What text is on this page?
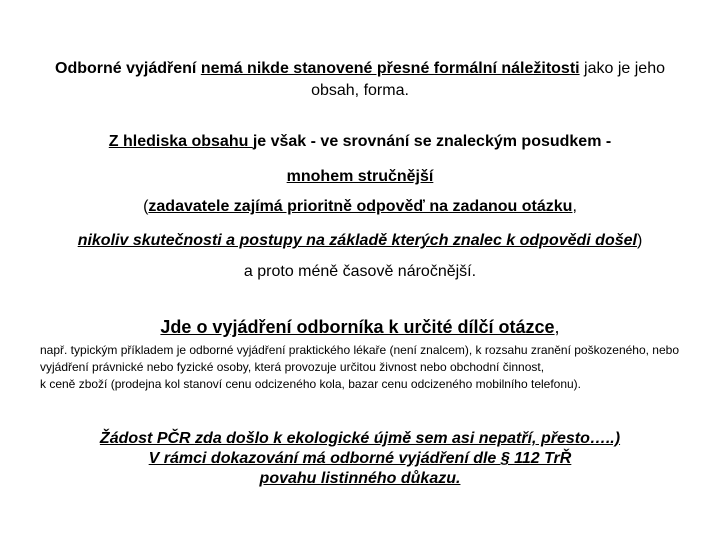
Odborné vyjádření nemá nikde stanovené přesné formální náležitosti jako je jeho obsah, forma.
Z hlediska obsahu je však - ve srovnání se znaleckým posudkem -
mnohem stručnější
(zadavatele zajímá prioritně odpověď na zadanou otázku,
nikoliv skutečnosti a postupy na základě kterých znalec k odpovědi došel)
a proto méně časově náročnější.
Jde o vyjádření odborníka k určité dílčí otázce,
např. typickým příkladem je odborné vyjádření praktického lékaře (není znalcem), k rozsahu zranění poškozeného, nebo vyjádření právnické nebo fyzické osoby, která provozuje určitou živnost nebo obchodní činnost,
k ceně zboží (prodejna kol stanoví cenu odcizeného kola, bazar cenu odcizeného mobilního telefonu).
Žádost PČR zda došlo k ekologické újmě sem asi nepatří, přesto…..)
V rámci dokazování má odborné vyjádření dle § 112 TrŘ
povahu listinného důkazu.
